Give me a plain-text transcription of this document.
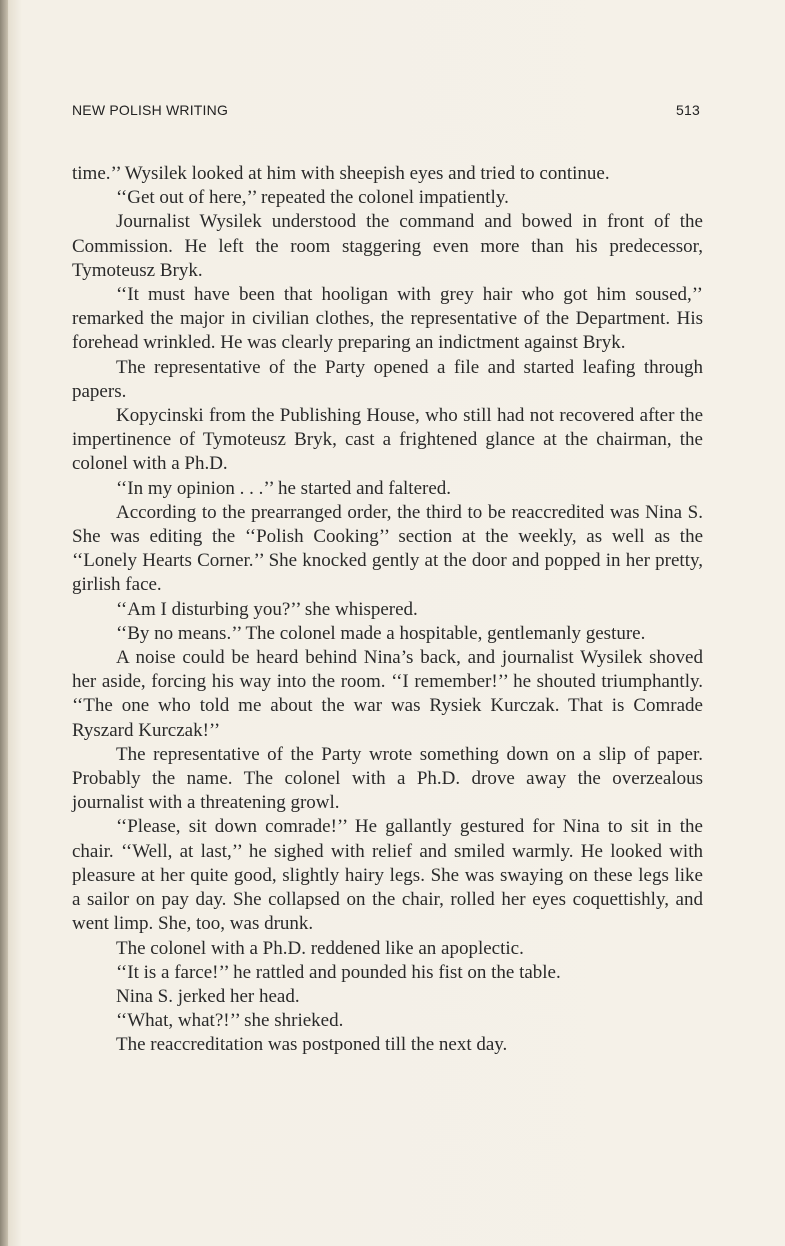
NEW POLISH WRITING	513

time.’’ Wysilek looked at him with sheepish eyes and tried to continue.

‘‘Get out of here,’’ repeated the colonel impatiently.

Journalist Wysilek understood the command and bowed in front of the Commission. He left the room staggering even more than his predecessor, Tymoteusz Bryk.

‘‘It must have been that hooligan with grey hair who got him soused,’’ remarked the major in civilian clothes, the representative of the Department. His forehead wrinkled. He was clearly preparing an indictment against Bryk.

The representative of the Party opened a file and started leafing through papers.

Kopycinski from the Publishing House, who still had not recovered after the impertinence of Tymoteusz Bryk, cast a frightened glance at the chairman, the colonel with a Ph.D.

‘‘In my opinion . . .’’ he started and faltered.

According to the prearranged order, the third to be reaccredited was Nina S. She was editing the ‘‘Polish Cooking’’ section at the weekly, as well as the ‘‘Lonely Hearts Corner.’’ She knocked gently at the door and popped in her pretty, girlish face.

‘‘Am I disturbing you?’’ she whispered.

‘‘By no means.’’ The colonel made a hospitable, gentlemanly gesture.

A noise could be heard behind Nina’s back, and journalist Wysilek shoved her aside, forcing his way into the room. ‘‘I remember!’’ he shouted triumphantly. ‘‘The one who told me about the war was Rysiek Kurczak. That is Comrade Ryszard Kurczak!’’

The representative of the Party wrote something down on a slip of paper. Probably the name. The colonel with a Ph.D. drove away the overzealous journalist with a threatening growl.

‘‘Please, sit down comrade!’’ He gallantly gestured for Nina to sit in the chair. ‘‘Well, at last,’’ he sighed with relief and smiled warmly. He looked with pleasure at her quite good, slightly hairy legs. She was swaying on these legs like a sailor on pay day. She collapsed on the chair, rolled her eyes coquettishly, and went limp. She, too, was drunk.

The colonel with a Ph.D. reddened like an apoplectic.

‘‘It is a farce!’’ he rattled and pounded his fist on the table.

Nina S. jerked her head.

‘‘What, what?!’’ she shrieked.

The reaccreditation was postponed till the next day.
